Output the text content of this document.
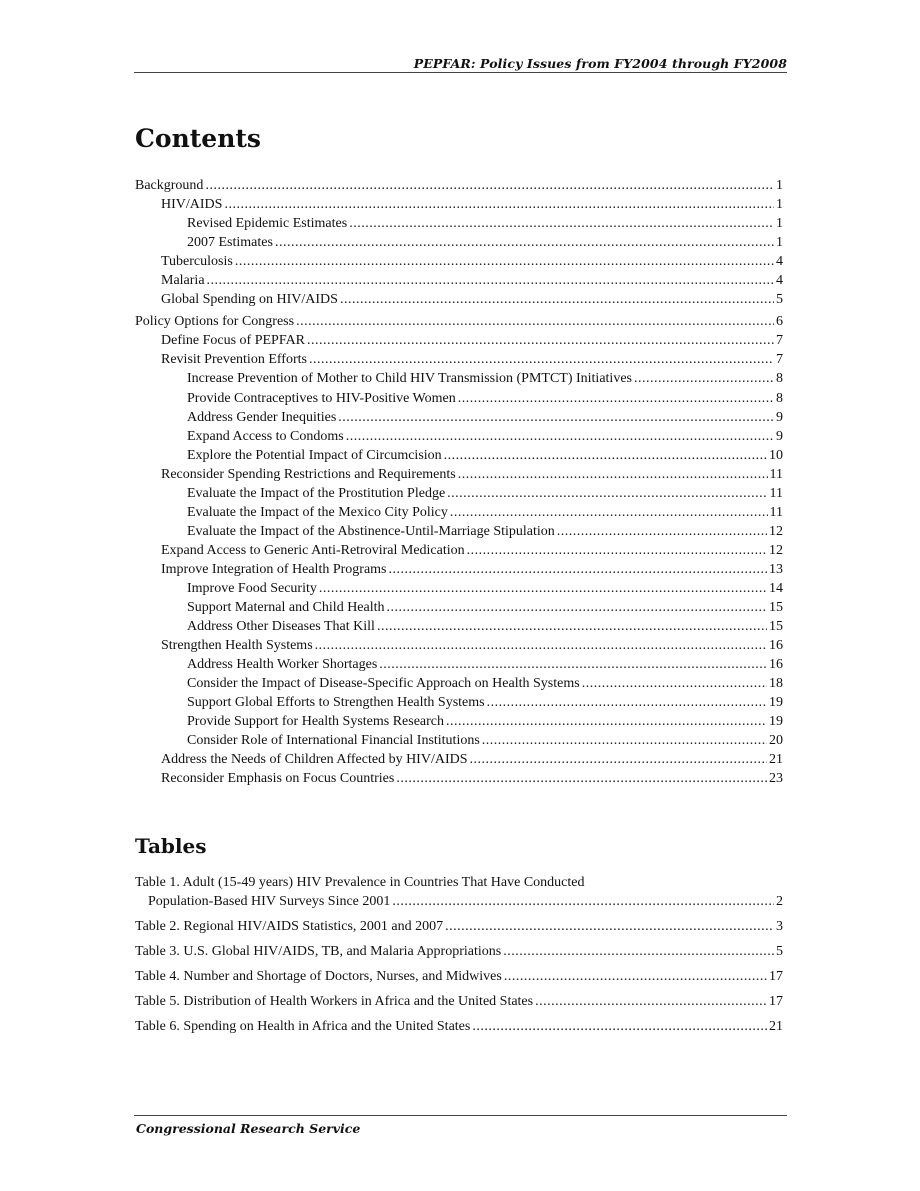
PEPFAR: Policy Issues from FY2004 through FY2008
Contents
Background .....	1
HIV/AIDS .....	1
Revised Epidemic Estimates .....	1
2007 Estimates .....	1
Tuberculosis .....	4
Malaria .....	4
Global Spending on HIV/AIDS .....	5
Policy Options for Congress .....	6
Define Focus of PEPFAR .....	7
Revisit Prevention Efforts .....	7
Increase Prevention of Mother to Child HIV Transmission (PMTCT) Initiatives .....	8
Provide Contraceptives to HIV-Positive Women .....	8
Address Gender Inequities .....	9
Expand Access to Condoms .....	9
Explore the Potential Impact of Circumcision .....	10
Reconsider Spending Restrictions and Requirements .....	11
Evaluate the Impact of the Prostitution Pledge .....	11
Evaluate the Impact of the Mexico City Policy .....	11
Evaluate the Impact of the Abstinence-Until-Marriage Stipulation .....	12
Expand Access to Generic Anti-Retroviral Medication .....	12
Improve Integration of Health Programs .....	13
Improve Food Security .....	14
Support Maternal and Child Health .....	15
Address Other Diseases That Kill .....	15
Strengthen Health Systems .....	16
Address Health Worker Shortages .....	16
Consider the Impact of Disease-Specific Approach on Health Systems .....	18
Support Global Efforts to Strengthen Health Systems .....	19
Provide Support for Health Systems Research .....	19
Consider Role of International Financial Institutions .....	20
Address the Needs of Children Affected by HIV/AIDS .....	21
Reconsider Emphasis on Focus Countries .....	23
Tables
Table 1. Adult (15-49 years) HIV Prevalence in Countries That Have Conducted
Population-Based HIV Surveys Since 2001 .....	2
Table 2. Regional HIV/AIDS Statistics, 2001 and 2007 .....	3
Table 3. U.S. Global HIV/AIDS, TB, and Malaria Appropriations .....	5
Table 4. Number and Shortage of Doctors, Nurses, and Midwives .....	17
Table 5. Distribution of Health Workers in Africa and the United States .....	17
Table 6. Spending on Health in Africa and the United States .....	21
Congressional Research Service
